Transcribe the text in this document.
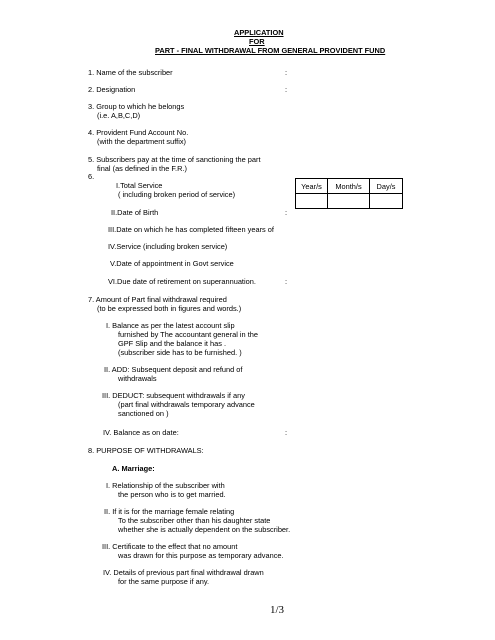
APPLICATION
FOR
PART - FINAL WITHDRAWAL FROM GENERAL PROVIDENT FUND
1. Name of the subscriber	:
2. Designation	:
3. Group to which he belongs
(i.e. A,B,C,D)
4. Provident Fund Account No.
(with the department suffix)
5. Subscribers pay at the time of sanctioning the part
final (as defined in the F.R.)
6.
I.Total Service
( including broken period of service)
Year/s	Month/s	Day/s

II.Date of Birth	:
III.Date on which he has completed fifteen years of
IV.Service (including broken service)
V.Date of appointment in Govt service
VI.Due date of retirement on superannuation.	:
7. Amount of Part final withdrawal required
(to be expressed both in figures and words.)
I. Balance as per the latest account slip
furnished by The accountant general in the
GPF Slip and the balance it has .
(subscriber side has to be furnished. )
II. ADD: Subsequent deposit and refund of
withdrawals
III. DEDUCT: subsequent withdrawals if any
(part final withdrawals temporary advance
sanctioned on )
IV. Balance as on date:	:
8. PURPOSE OF WITHDRAWALS:
A. Marriage:
I. Relationship of the subscriber with
the person who is to get married.
II. If it is for the marriage female relating
To the subscriber other than his daughter state
whether she is actually dependent on the subscriber.
III. Certificate to the effect that no amount
was drawn for this purpose as temporary advance.
IV. Details of previous part final withdrawal drawn
for the same purpose if any.
1/3
